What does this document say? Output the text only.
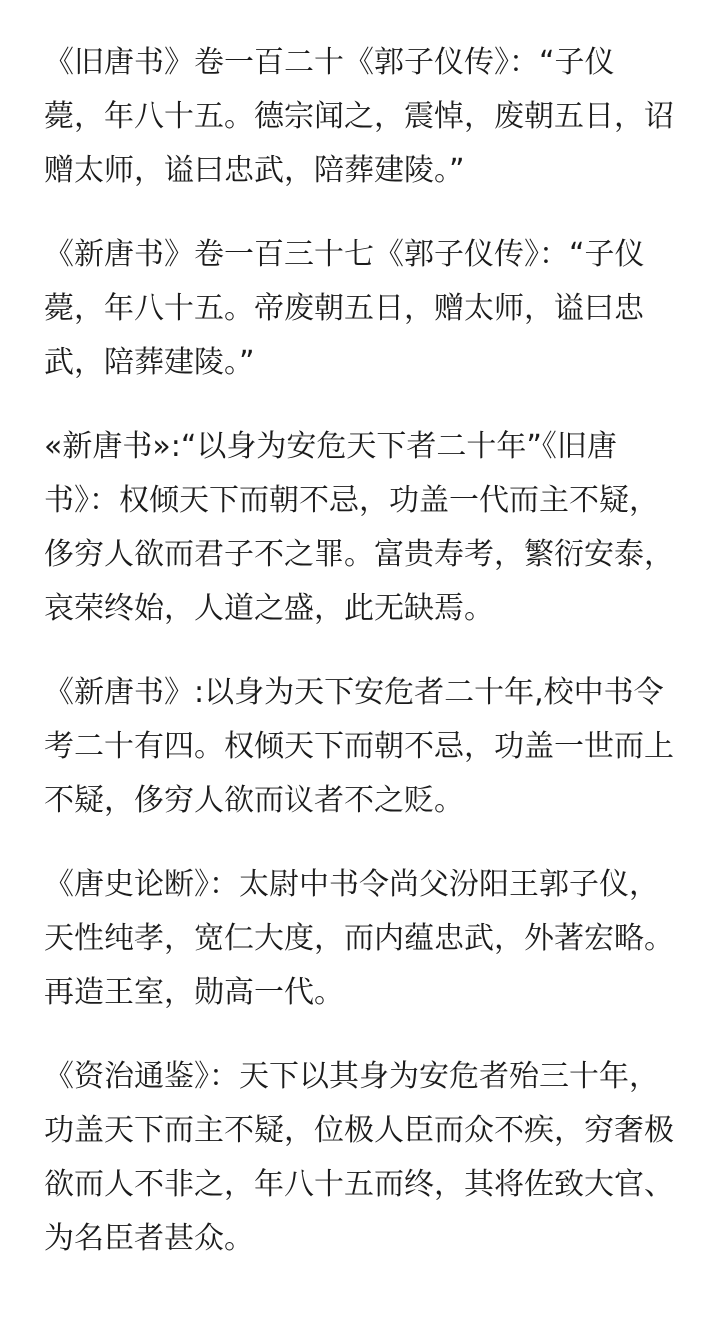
《旧唐书》卷一百二十《郭子仪传》：“子仪
薨，年八十五。德宗闻之，震悼，废朝五日，诏
赠太师，谥曰忠武，陪葬建陵。”

《新唐书》卷一百三十七《郭子仪传》：“子仪
薨，年八十五。帝废朝五日，赠太师，谥曰忠
武，陪葬建陵。”

«新唐书»:“以身为安危天下者二十年”《旧唐
书》：权倾天下而朝不忌，功盖一代而主不疑，
侈穷人欲而君子不之罪。富贵寿考，繁衍安泰，
哀荣终始，人道之盛，此无缺焉。

《新唐书》:以身为天下安危者二十年,校中书令
考二十有四。权倾天下而朝不忌，功盖一世而上
不疑，侈穷人欲而议者不之贬。

《唐史论断》：太尉中书令尚父汾阳王郭子仪，
天性纯孝，宽仁大度，而内蕴忠武，外著宏略。
再造王室，勋高一代。

《资治通鉴》：天下以其身为安危者殆三十年，
功盖天下而主不疑，位极人臣而众不疾，穷奢极
欲而人不非之，年八十五而终，其将佐致大官、
为名臣者甚众。
